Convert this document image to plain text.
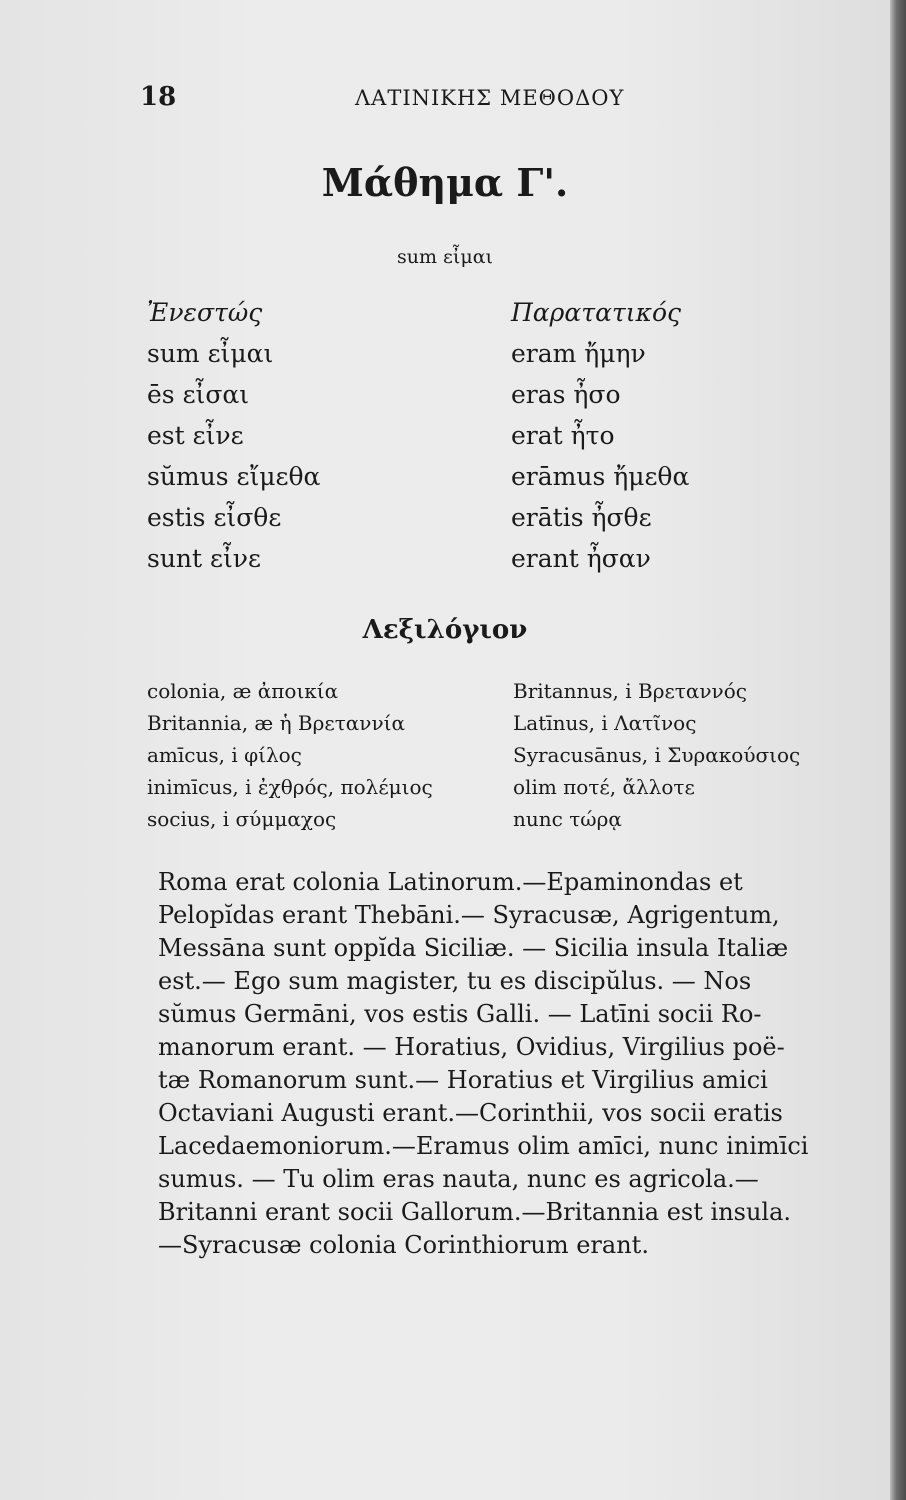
18	ΛΑΤΙΝΙΚΗΣ ΜΕΘΟΔΟΥ
Μάθημα Γ'.
sum εἶμαι
Ἐνεστώς
sum εἶμαι
ēs εἶσαι
est εἶνε
sŭmus εἴμεθα
estis εἶσθε
sunt εἶνε
Παρατατικός
eram ἤμην
eras ἦσο
erat ἦτο
erāmus ἤμεθα
erātis ἦσθε
erant ἦσαν
Λεξιλόγιον
colonia, æ ἀποικία
Britannia, æ ἡ Βρεταννία
amīcus, i φίλος
inimīcus, i ἐχθρός, πολέμιος
socius, i σύμμαχος
Britannus, i Βρεταννός
Latīnus, i Λατῖνος
Syracusānus, i Συρακούσιος
olim ποτέ, ἄλλοτε
nunc τώρᾳ
Roma erat colonia Latinorum.—Epaminondas et
Pelopĭdas erant Thebāni.— Syracusæ, Agrigentum,
Messāna sunt oppĭda Siciliæ. — Sicilia insula Italiæ
est.— Ego sum magister, tu es discipŭlus. — Nos
sŭmus Germāni, vos estis Galli. — Latīni socii Ro-
manorum erant. — Horatius, Ovidius, Virgilius poë-
tæ Romanorum sunt.— Horatius et Virgilius amici
Octaviani Augusti erant.—Corinthii, vos socii eratis
Lacedaemoniorum.—Eramus olim amīci, nunc inimīci
sumus. — Tu olim eras nauta, nunc es agricola.—
Britanni erant socii Gallorum.—Britannia est insula.
—Syracusæ colonia Corinthiorum erant.
